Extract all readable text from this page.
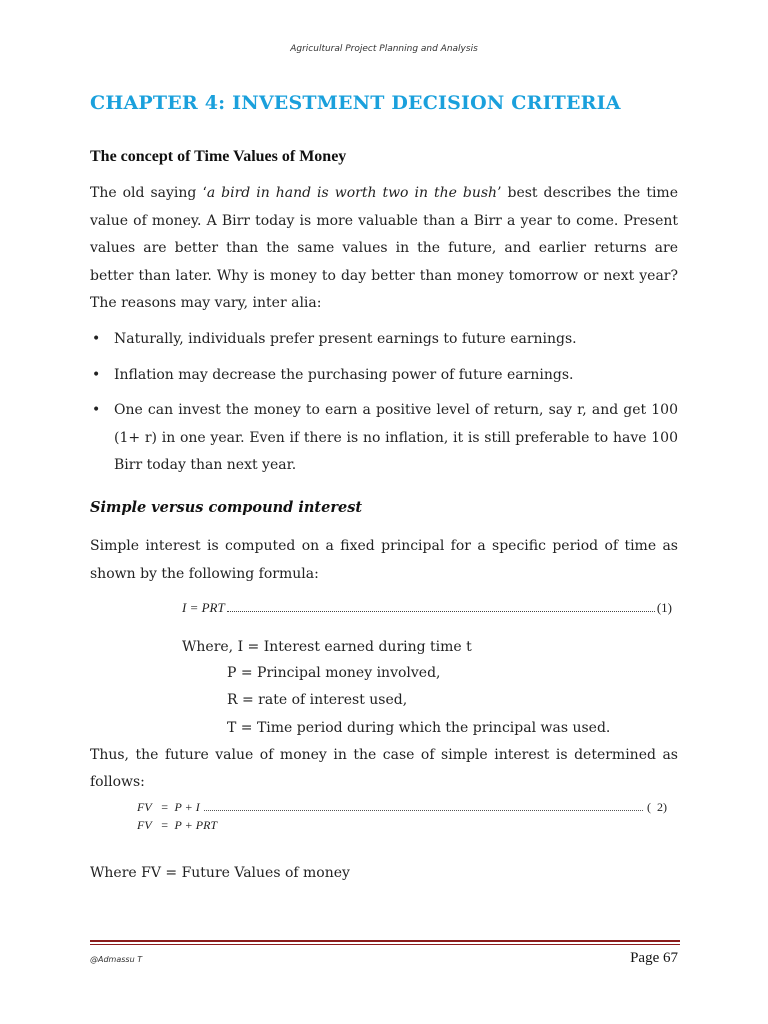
Agricultural Project Planning and Analysis
CHAPTER 4: INVESTMENT DECISION CRITERIA
The concept of Time Values of Money

The old saying ‘a bird in hand is worth two in the bush’ best describes the time value of money. A Birr today is more valuable than a Birr a year to come. Present values are better than the same values in the future, and earlier returns are better than later. Why is money to day better than money tomorrow or next year? The reasons may vary, inter alia:

• Naturally, individuals prefer present earnings to future earnings.
• Inflation may decrease the purchasing power of future earnings.
• One can invest the money to earn a positive level of return, say r, and get 100 (1+ r) in one year. Even if there is no inflation, it is still preferable to have 100 Birr today than next year.
Simple versus compound interest

Simple interest is computed on a fixed principal for a specific period of time as shown by the following formula:

I = PRT	(1)

Where, I = Interest earned during time t

P = Principal money involved,

R = rate of interest used,

T = Time period during which the principal was used.

Thus, the future value of money in the case of simple interest is determined as follows:

FV   =  P + I	(  2)
FV   =  P + PRT

Where FV = Future Values of money

@Admassu T	Page 67
